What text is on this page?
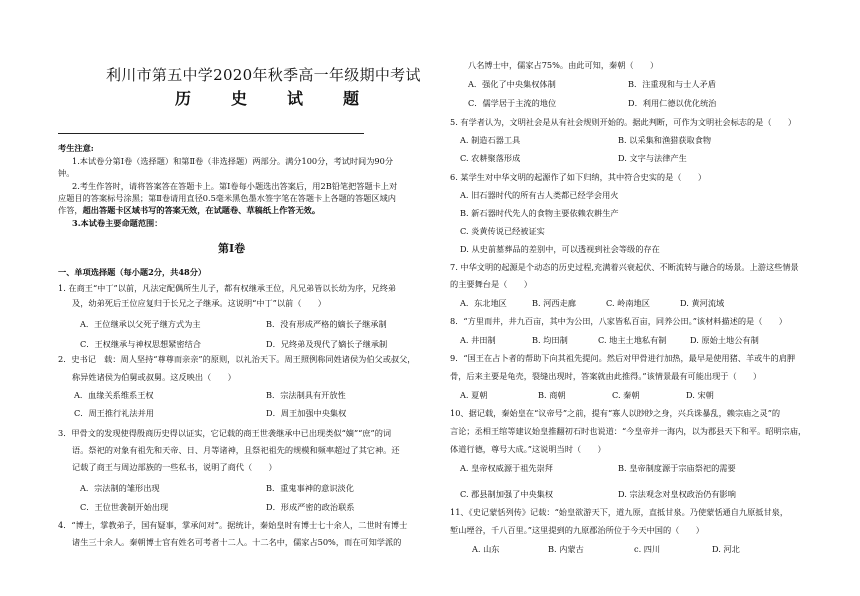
利川市第五中学2020年秋季高一年级期中考试
历　史　试　题
考生注意:
1.本试卷分第Ⅰ卷（选择题）和第Ⅱ卷（非选择题）两部分。满分100分，考试时间为90分
钟。
2.考生作答时，请将答案答在答题卡上。第Ⅰ卷每小题选出答案后，用2B铅笔把答题卡上对
应题目的答案标号涂黑；第Ⅱ卷请用直径0.5毫米黑色墨水签字笔在答题卡上各题的答题区域内
作答，超出答题卡区域书写的答案无效，在试题卷、草稿纸上作答无效。
3.本试卷主要命题范围：
第Ⅰ卷
一、单项选择题（每小题2分，共48分）
1. 在商王“中丁”以前，凡法定配偶所生儿子，都有权继承王位，凡兄弟皆以长幼为序，兄终弟
及，幼弟死后王位应复归于长兄之子继承。这说明“中丁”以前（　　）
A．王位继承以父死子继方式为主	B．没有形成严格的嫡长子继承制
C．王权继承与神权思想紧密结合	D．兄终弟及现代了嫡长子继承制
2．史书记　载：周人坚持“尊尊而亲亲”的原则，以礼治天下。周王照例称同姓诸侯为伯父或叔父，
称异姓诸侯为伯舅或叔舅。这反映出（　　）
A．血缘关系维系王权	B．宗法制具有开放性
C．周王推行礼法并用	D．周王加强中央集权
3．甲骨文的发现使得殷商历史得以证实，它记载的商王世袭继承中已出现类似“嫡”“庶”的词
语。祭祀的对象有祖先和天帝、日、月等诸神，且祭祀祖先的规模和频率超过了其它神。还
记载了商王与周边部族的一些私书，说明了商代（　　）
A．宗法制的雏形出现	B．重鬼事神的意识淡化
C．王位世袭制开始出现	D．形成严密的政治联系
4．“博士，掌教弟子，国有疑事，掌承问对”。据统计，秦始皇时有博士七十余人，二世时有博士
诸生三十余人。秦朝博士官有姓名可考者十二人。十二名中，儒家占50%，而在可知学派的
八名博士中，儒家占75%。由此可知，秦朝（　　）
A．强化了中央集权体制	B．注重现和与士人矛盾
C．儒学居于主流的地位	D．利用仁德以优化统治
5. 有学者认为，文明社会是从有社会规则开始的。据此判断，可作为文明社会标志的是（　　）
A. 制造石器工具	B. 以采集和渔猎获取食物
C. 农耕聚落形成	D. 文字与法律产生
6. 某学生对中华文明的起源作了如下归纳，其中符合史实的是（　　）
A. 旧石器时代的所有古人类都已经学会用火
B. 新石器时代先人的食物主要依赖农耕生产
C. 炎黄传说已经被证实
D. 从史前墓葬品的差别中，可以透视到社会等级的存在
7. 中华文明的起源是个动态的历史过程,充满着兴衰起伏、不断流转与融合的场景。上游这些情景
的主要舞台是（　　）
A．东北地区	B. 河西走廊	C. 岭南地区	D. 黄河流域
8．“方里而井，井九百亩，其中为公田，八家皆私百亩，同养公田。”该材料描述的是（　　）
A. 井田制	B. 均田制	C. 地主土地私有制	D. 原始土地公有制
9．“国王在占卜者的帮助下向其祖先提问。然后对甲骨进行加热，最早是使用猪、羊或牛的肩胛
骨，后来主要是龟壳，裂缝出现时，答案就由此推得。”该情景最有可能出现于（　　）
A. 夏朝	B. 商朝	C. 秦朝	D. 宋朝
10、据记载，秦始皇在“议帝号”之前，提有“寡人以眇眇之身，兴兵诛暴乱，赖宗庙之灵”的
言论；丞相王绾等建议始皇推翻初石时也说道：“今皇帝并一海内，以为郡县天下和平。昭明宗庙，
体道行德，尊号大成。”这说明当时（　　）
A. 皇帝权威源于祖先崇拜	B. 皇帝制度源于宗庙祭祀的需要
C. 郡县制加强了中央集权	D. 宗法观念对皇权政治仍有影响
11、《史记蒙恬列传》记载：“始皇欲游天下，道九原，直抵甘泉。乃使蒙恬通自九原抵甘泉，
堑山堙谷，千八百里。”这里提到的九原郡治所位于今天中国的（　　）
A. 山东	B. 内蒙古	c. 四川	D. 河北
